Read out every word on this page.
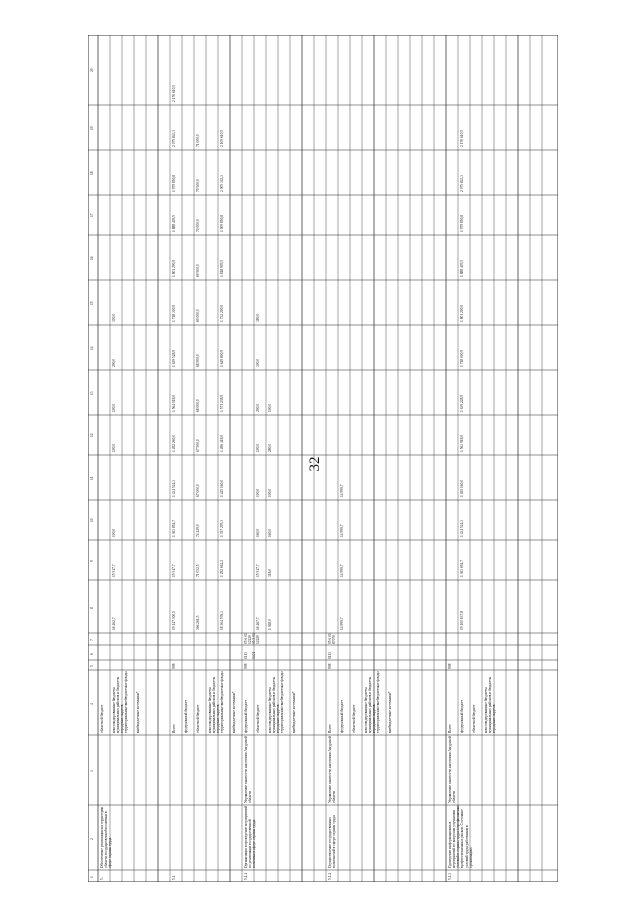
32
1
2
3
4
5
6
7
8
9
10
11
12
13
14
15
16
17
18
19
20
5.
Обеспечение реализации на территории области государственной политики в сфере охраны труда
областной бюджет консолидированные бюджеты муниципальных районов и бюджеты городских округов территориальные внебюджетные фонды внебюджетные источники*
16 462,7
15 517,7
100,0
100,0
100,0
290,0
300,0
5.1
908
Всего федеральный бюджет областной бюджет консолидированные бюджеты муниципальных районов и бюджеты городских округов территориальные внебюджетные фонды внебюджетные источники*
19 147 300,5
15 517,7
1 363 854,7
1 431 524,3
1 492 260,0
1 564 018,0
1 639 528,9
1 718 300,9
1 801 290,9
1 888 405,5
1 979 850,8
2 075 843,3
2 176 610,5
366 261,5
71 032,5
74 229,0
67 000,0
67 500,0
68 000,0
68 500,0
69 000,0
69 500,0
70 000,0
70 500,0
71 000,0
18 364 576,3
1 292 662,2
1 357 295,3
1 425 160,0
1 496 418,0
1 571 238,9
1 649 800,9
1 732 290,9
1 818 905,5
1 909 850,8
2 005 343,3
2 105 610,5
5.1.1
Организация и проведение мероприятий по реализации государственной политики в сфере охраны труда
Управление занятости населения Амурской области
908
0113 0401
05 6 01 12220 05 5 01 12220
федеральный бюджет областной бюджет консолидированные бюджеты муниципальных районов и бюджеты городских округов территориальные внебюджетные фонды внебюджетные источники*
16 467,7
15 517,7
160,0
100,0
100,0
290,0
300,0
380,0
1 368,0
318,0
160,0
100,0
280,0
100,0
5.1.2
Осуществление государственных полномочий в сфере охраны труда
Управление занятости населения Амурской области
908
0113
05 6 01 87070
Всего федеральный бюджет областной бюджет консолидированные бюджеты муниципальных районов и бюджеты городских округов территориальные внебюджетные фонды внебюджетные источники*
14 999,7
14 999,7
14 999,7
14 999,7
5.1.3
Проведение информационных мероприятий по вопросам улучшения условий и охраны труда и профилактики профессиональных рисков. Состояние условий труда работников в организациях
Управление занятости населения Амурской области
908
Всего федеральный бюджет областной бюджет консолидированные бюджеты муниципальных районов и бюджеты городских округов
19 100 637,8
1 363 694,7
1 431 524,3
1 492 160,0
1 563 918,0
1 639 228,9
1 718 000,9
1 801 290,9
1 888 405,5
1 979 850,8
2 075 843,3
2 176 610,5
